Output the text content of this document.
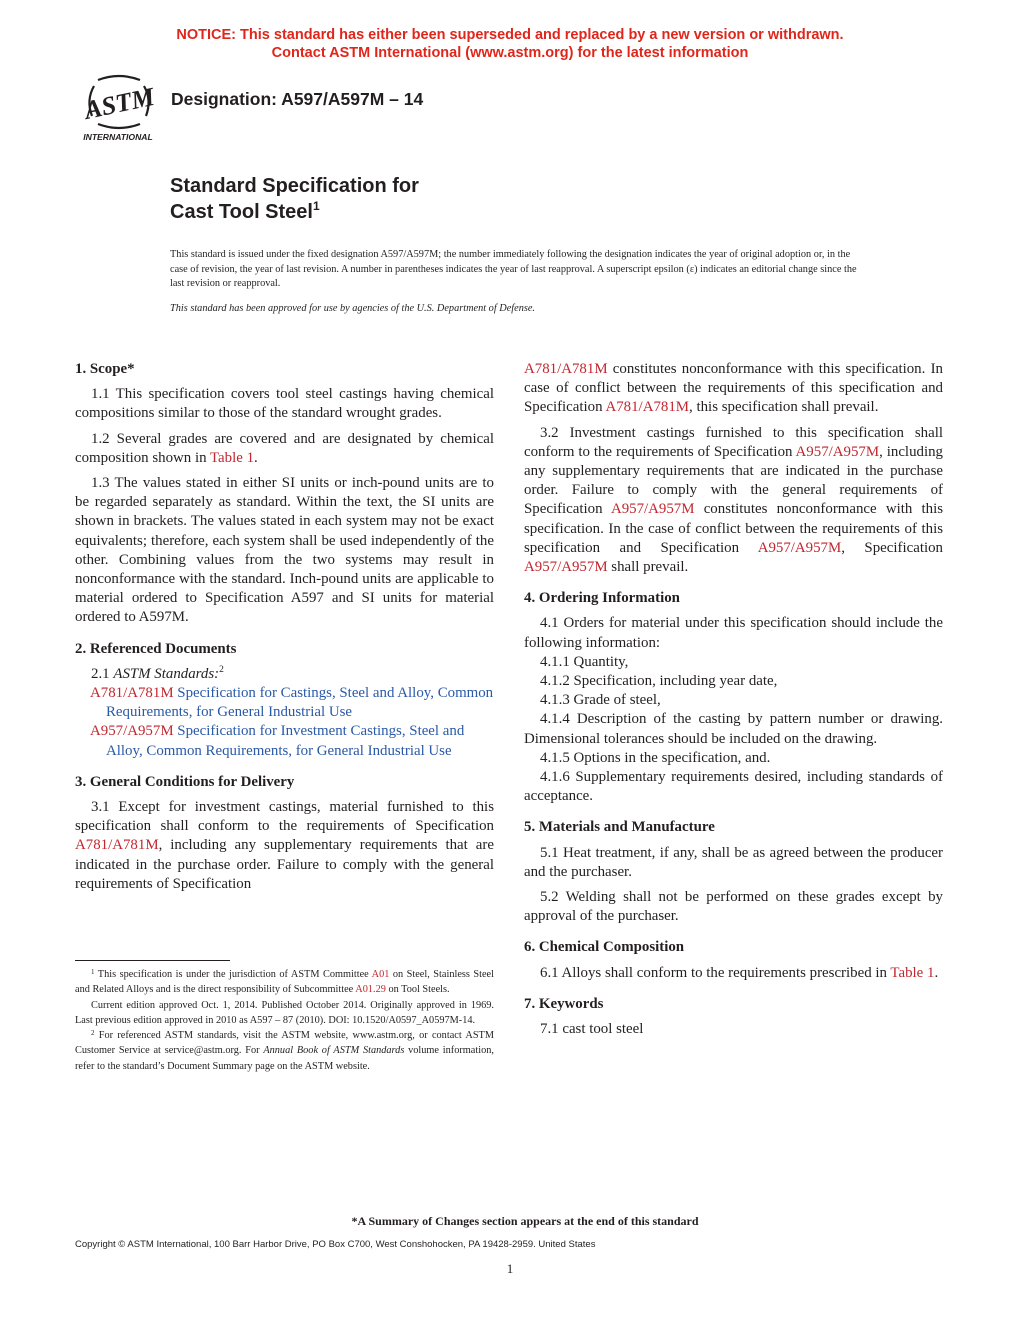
NOTICE: This standard has either been superseded and replaced by a new version or withdrawn.
Contact ASTM International (www.astm.org) for the latest information
ASTM
INTERNATIONAL
Designation: A597/A597M – 14
Standard Specification for
Cast Tool Steel$^1$
This standard is issued under the fixed designation A597/A597M; the number immediately following the designation indicates the year of original adoption or, in the case of revision, the year of last revision. A number in parentheses indicates the year of last reapproval. A superscript epsilon (ε) indicates an editorial change since the last revision or reapproval.
This standard has been approved for use by agencies of the U.S. Department of Defense.
1. Scope*

1.1 This specification covers tool steel castings having chemical compositions similar to those of the standard wrought grades.

1.2 Several grades are covered and are designated by chemical composition shown in Table 1.

1.3 The values stated in either SI units or inch-pound units are to be regarded separately as standard. Within the text, the SI units are shown in brackets. The values stated in each system may not be exact equivalents; therefore, each system shall be used independently of the other. Combining values from the two systems may result in nonconformance with the standard. Inch-pound units are applicable to material ordered to Specification A597 and SI units for material ordered to A597M.

2. Referenced Documents

2.1 ASTM Standards:$^2$

A781/A781M Specification for Castings, Steel and Alloy, Common Requirements, for General Industrial Use

A957/A957M Specification for Investment Castings, Steel and Alloy, Common Requirements, for General Industrial Use

3. General Conditions for Delivery

3.1 Except for investment castings, material furnished to this specification shall conform to the requirements of Specification A781/A781M, including any supplementary requirements that are indicated in the purchase order. Failure to comply with the general requirements of Specification

A781/A781M constitutes nonconformance with this specification. In case of conflict between the requirements of this specification and Specification A781/A781M, this specification shall prevail.

3.2 Investment castings furnished to this specification shall conform to the requirements of Specification A957/A957M, including any supplementary requirements that are indicated in the purchase order. Failure to comply with the general requirements of Specification A957/A957M constitutes nonconformance with this specification. In the case of conflict between the requirements of this specification and Specification A957/A957M, Specification A957/A957M shall prevail.

4. Ordering Information

4.1 Orders for material under this specification should include the following information:

4.1.1 Quantity,

4.1.2 Specification, including year date,

4.1.3 Grade of steel,

4.1.4 Description of the casting by pattern number or drawing. Dimensional tolerances should be included on the drawing.

4.1.5 Options in the specification, and.

4.1.6 Supplementary requirements desired, including standards of acceptance.

5. Materials and Manufacture

5.1 Heat treatment, if any, shall be as agreed between the producer and the purchaser.

5.2 Welding shall not be performed on these grades except by approval of the purchaser.

6. Chemical Composition

6.1 Alloys shall conform to the requirements prescribed in Table 1.

7. Keywords

7.1 cast tool steel

$^1$ This specification is under the jurisdiction of ASTM Committee A01 on Steel, Stainless Steel and Related Alloys and is the direct responsibility of Subcommittee A01.29 on Tool Steels.

Current edition approved Oct. 1, 2014. Published October 2014. Originally approved in 1969. Last previous edition approved in 2010 as A597 – 87 (2010). DOI: 10.1520/A0597_A0597M-14.

$^2$ For referenced ASTM standards, visit the ASTM website, www.astm.org, or contact ASTM Customer Service at service@astm.org. For Annual Book of ASTM Standards volume information, refer to the standard’s Document Summary page on the ASTM website.

*A Summary of Changes section appears at the end of this standard
Copyright © ASTM International, 100 Barr Harbor Drive, PO Box C700, West Conshohocken, PA 19428-2959. United States
1
